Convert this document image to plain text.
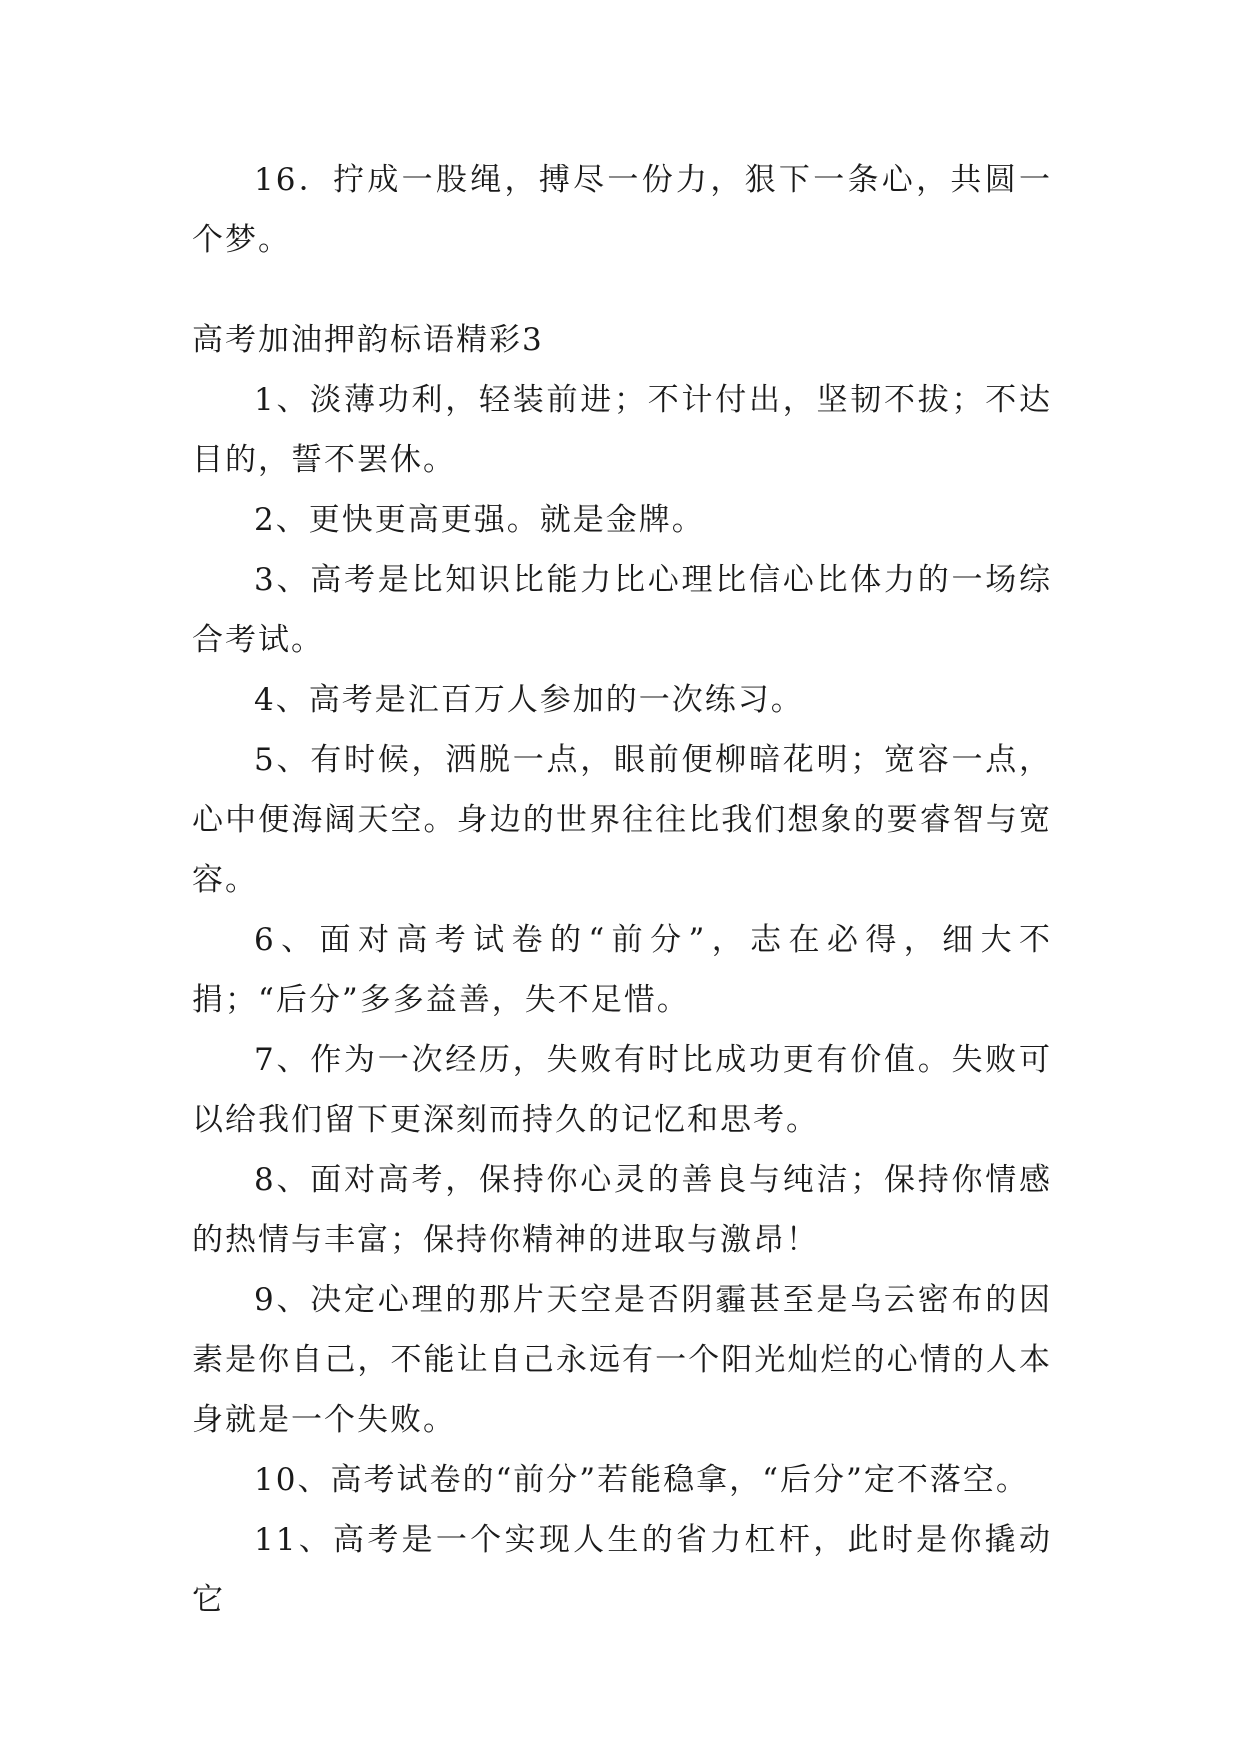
16．拧成一股绳，搏尽一份力，狠下一条心，共圆一个梦。

高考加油押韵标语精彩3

1、淡薄功利，轻装前进；不计付出，坚韧不拔；不达目的，誓不罢休。

2、更快更高更强。就是金牌。

3、高考是比知识比能力比心理比信心比体力的一场综合考试。

4、高考是汇百万人参加的一次练习。

5、有时候，洒脱一点，眼前便柳暗花明；宽容一点，心中便海阔天空。身边的世界往往比我们想象的要睿智与宽容。

6、面对高考试卷的“前分”，志在必得，细大不捐；“后分”多多益善，失不足惜。

7、作为一次经历，失败有时比成功更有价值。失败可以给我们留下更深刻而持久的记忆和思考。

8、面对高考，保持你心灵的善良与纯洁；保持你情感的热情与丰富；保持你精神的进取与激昂！

9、决定心理的那片天空是否阴霾甚至是乌云密布的因素是你自己，不能让自己永远有一个阳光灿烂的心情的人本身就是一个失败。

10、高考试卷的“前分”若能稳拿，“后分”定不落空。

11、高考是一个实现人生的省力杠杆，此时是你撬动它
